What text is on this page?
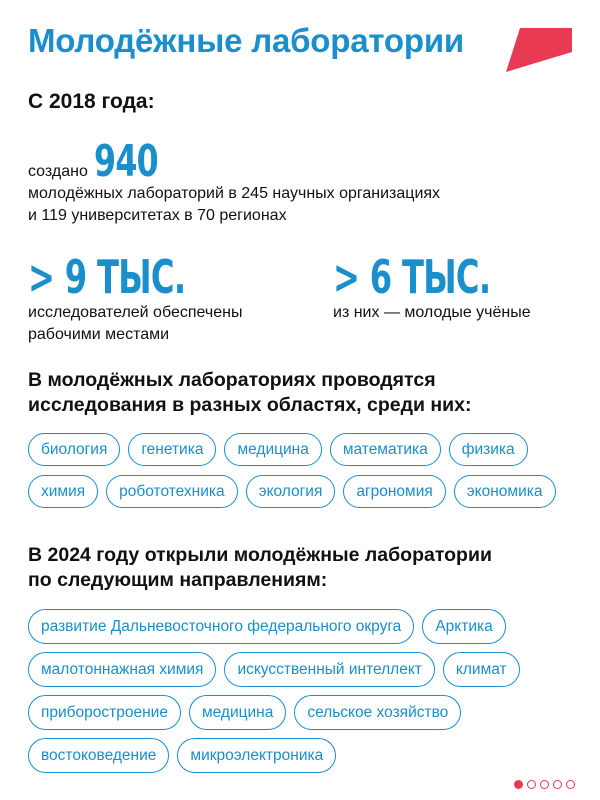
Молодёжные лаборатории
С 2018 года:
создано 940
молодёжных лабораторий в 245 научных организациях
и 119 университетах в 70 регионах
> 9 ТЫС.
исследователей обеспечены
рабочими местами
> 6 ТЫС.
из них — молодые учёные
В молодёжных лабораториях проводятся
исследования в разных областях, среди них:
биология	генетика	медицина	математика	физика
химия	робототехника	экология	агрономия	экономика
В 2024 году открыли молодёжные лаборатории
по следующим направлениям:
развитие Дальневосточного федерального округа	Арктика
малотоннажная химия	искусственный интеллект	климат
приборостроение	медицина	сельское хозяйство
востоковедение	микроэлектроника
